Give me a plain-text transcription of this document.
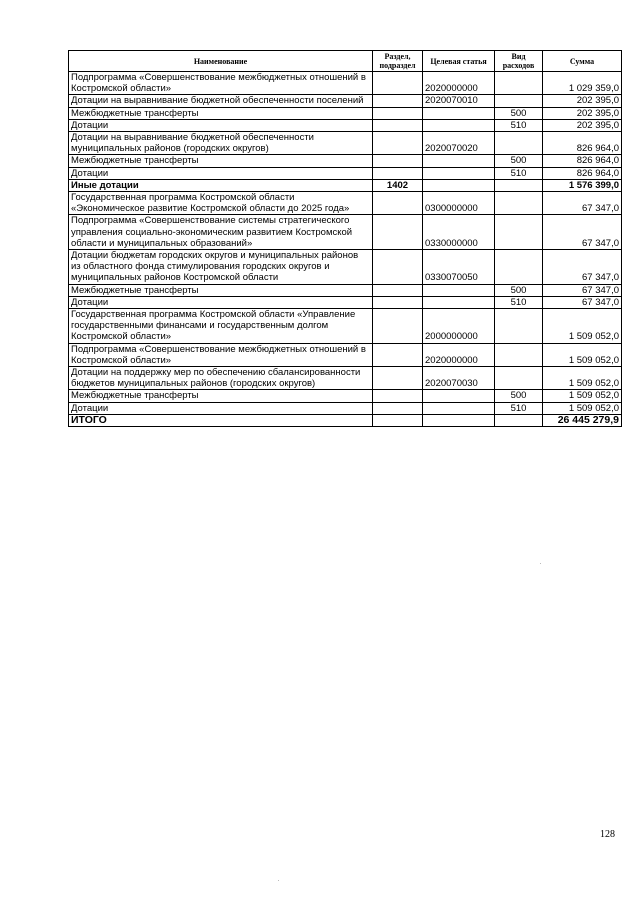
Наименование	Раздел, подраздел	Целевая статья	Вид расходов	Сумма
Подпрограмма «Совершенствование межбюджетных отношений в Костромской области»		2020000000		1 029 359,0
Дотации на выравнивание бюджетной обеспеченности поселений		2020070010		202 395,0
Межбюджетные трансферты			500	202 395,0
Дотации			510	202 395,0
Дотации на выравнивание бюджетной обеспеченности муниципальных районов (городских округов)		2020070020		826 964,0
Межбюджетные трансферты			500	826 964,0
Дотации			510	826 964,0
Иные дотации	1402			1 576 399,0
Государственная программа Костромской области «Экономическое развитие Костромской области до 2025 года»		0300000000		67 347,0
Подпрограмма «Совершенствование системы стратегического управления социально-экономическим развитием Костромской области и муниципальных образований»		0330000000		67 347,0
Дотации бюджетам городских округов и муниципальных районов из областного фонда стимулирования городских округов и муниципальных районов Костромской области		0330070050		67 347,0
Межбюджетные трансферты			500	67 347,0
Дотации			510	67 347,0
Государственная программа Костромской области «Управление государственными финансами и государственным долгом Костромской области»		2000000000		1 509 052,0
Подпрограмма «Совершенствование межбюджетных отношений в Костромской области»		2020000000		1 509 052,0
Дотации на поддержку мер по обеспечению сбалансированности бюджетов муниципальных районов (городских округов)		2020070030		1 509 052,0
Межбюджетные трансферты			500	1 509 052,0
Дотации			510	1 509 052,0
ИТОГО				26 445 279,9
128
